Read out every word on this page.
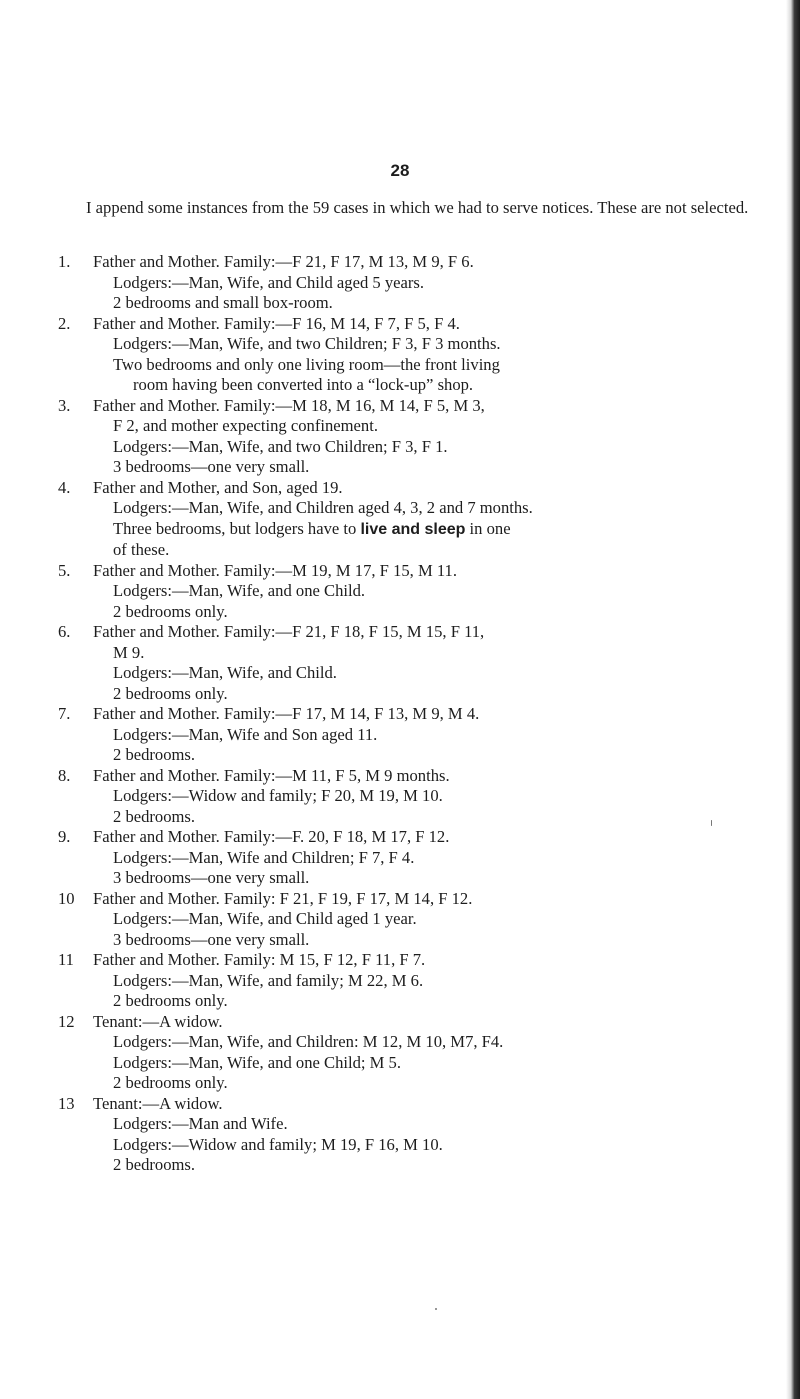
28

I append some instances from the 59 cases in which we had to serve notices. These are not selected.

1.	Father and Mother. Family:—F 21, F 17, M 13, M 9, F 6.
Lodgers:—Man, Wife, and Child aged 5 years.
2 bedrooms and small box-room.
2.	Father and Mother. Family:—F 16, M 14, F 7, F 5, F 4.
Lodgers:—Man, Wife, and two Children; F 3, F 3 months.
Two bedrooms and only one living room—the front living
room having been converted into a “lock-up” shop.
3.	Father and Mother. Family:—M 18, M 16, M 14, F 5, M 3,
F 2, and mother expecting confinement.
Lodgers:—Man, Wife, and two Children; F 3, F 1.
3 bedrooms—one very small.
4.	Father and Mother, and Son, aged 19.
Lodgers:—Man, Wife, and Children aged 4, 3, 2 and 7 months.
Three bedrooms, but lodgers have to live and sleep in one
of these.
5.	Father and Mother. Family:—M 19, M 17, F 15, M 11.
Lodgers:—Man, Wife, and one Child.
2 bedrooms only.
6.	Father and Mother. Family:—F 21, F 18, F 15, M 15, F 11,
M 9.
Lodgers:—Man, Wife, and Child.
2 bedrooms only.
7.	Father and Mother. Family:—F 17, M 14, F 13, M 9, M 4.
Lodgers:—Man, Wife and Son aged 11.
2 bedrooms.
8.	Father and Mother. Family:—M 11, F 5, M 9 months.
Lodgers:—Widow and family; F 20, M 19, M 10.
2 bedrooms.
9.	Father and Mother. Family:—F. 20, F 18, M 17, F 12.
Lodgers:—Man, Wife and Children; F 7, F 4.
3 bedrooms—one very small.
10	Father and Mother. Family: F 21, F 19, F 17, M 14, F 12.
Lodgers:—Man, Wife, and Child aged 1 year.
3 bedrooms—one very small.
11	Father and Mother. Family: M 15, F 12, F 11, F 7.
Lodgers:—Man, Wife, and family; M 22, M 6.
2 bedrooms only.
12	Tenant:—A widow.
Lodgers:—Man, Wife, and Children: M 12, M 10, M7, F4.
Lodgers:—Man, Wife, and one Child; M 5.
2 bedrooms only.
13	Tenant:—A widow.
Lodgers:—Man and Wife.
Lodgers:—Widow and family; M 19, F 16, M 10.
2 bedrooms.
